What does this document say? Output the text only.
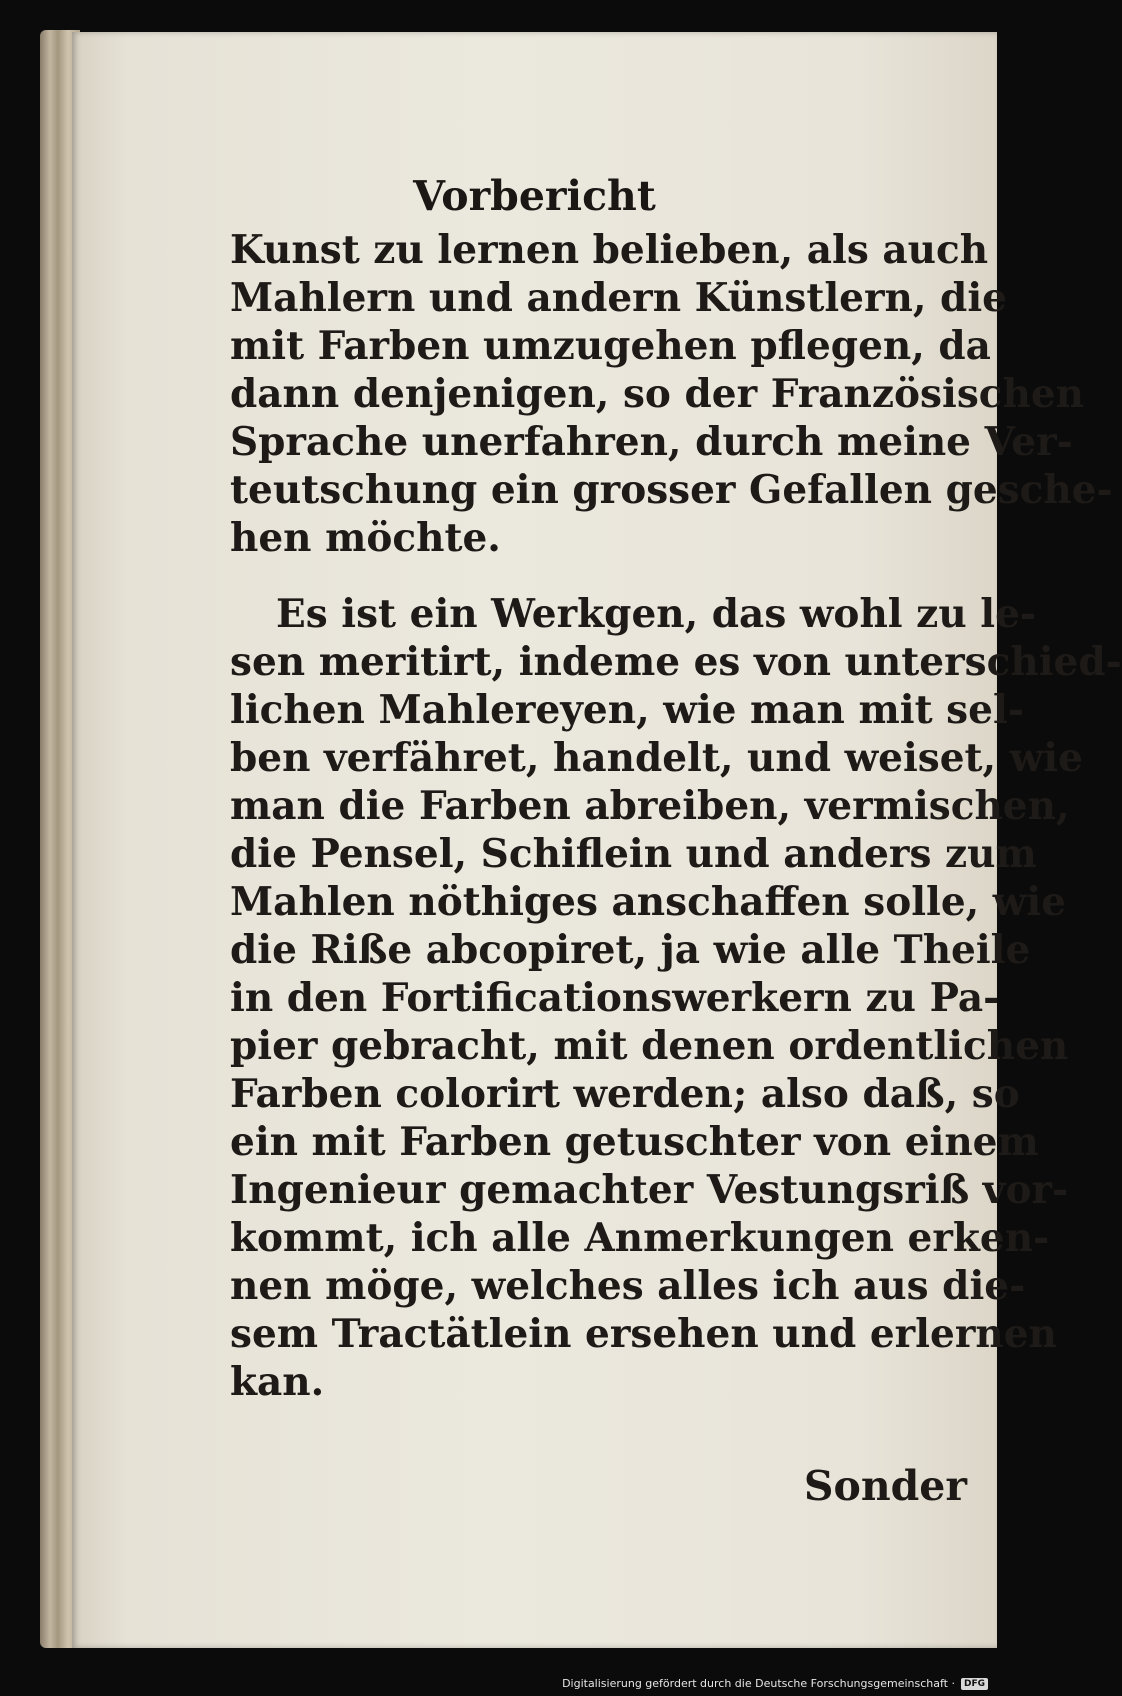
Vorbericht
Kunst zu lernen belieben, als auch
Mahlern und andern Künstlern, die
mit Farben umzugehen pflegen, da
dann denjenigen, so der Französischen
Sprache unerfahren, durch meine Ver-
teutschung ein grosser Gefallen gesche-
hen möchte.
Es ist ein Werkgen, das wohl zu le-
sen meritirt, indeme es von unterschied-
lichen Mahlereyen, wie man mit sel-
ben verfähret, handelt, und weiset, wie
man die Farben abreiben, vermischen,
die Pensel, Schiflein und anders zum
Mahlen nöthiges anschaffen solle, wie
die Riße abcopiret, ja wie alle Theile
in den Fortificationswerkern zu Pa-
pier gebracht, mit denen ordentlichen
Farben colorirt werden; also daß, so
ein mit Farben getuschter von einem
Ingenieur gemachter Vestungsriß vor-
kommt, ich alle Anmerkungen erken-
nen möge, welches alles ich aus die-
sem Tractätlein ersehen und erlernen
kan.
Sonder
Digitalisierung gefördert durch die Deutsche Forschungsgemeinschaft ·	DFG
